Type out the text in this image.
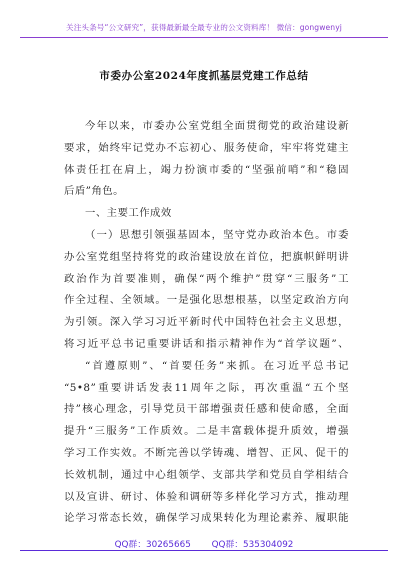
关注头条号“公文研究”，获得最新最全最专业的公文资料库！ 微信：gongwenyj
市委办公室2024年度抓基层党建工作总结
今年以来，市委办公室党组全面贯彻党的政治建设新
要求，始终牢记党办不忘初心、服务使命，牢牢将党建主
体责任扛在肩上，竭力扮演市委的“坚强前哨”和“稳固
后盾”角色。
一、主要工作成效
（一）思想引领强基固本，坚守党办政治本色。市委
办公室党组坚持将党的政治建设放在首位，把旗帜鲜明讲
政治作为首要准则，确保“两个维护”贯穿“三服务”工
作全过程、全领域。一是强化思想根基，以坚定政治方向
为引领。深入学习习近平新时代中国特色社会主义思想，
将习近平总书记重要讲话和指示精神作为“首学议题”、
“首遵原则”、“首要任务”来抓。在习近平总书记
“5•8”重要讲话发表11周年之际，再次重温“五个坚
持”核心理念，引导党员干部增强责任感和使命感，全面
提升“三服务”工作质效。二是丰富载体提升质效，增强
学习工作实效。不断完善以学铸魂、增智、正风、促干的
长效机制，通过中心组领学、支部共学和党员自学相结合
以及宣讲、研讨、体验和调研等多样化学习方式，推动理
论学习常态长效，确保学习成果转化为理论素养、履职能
QQ群：30265665 QQ群：535304092
